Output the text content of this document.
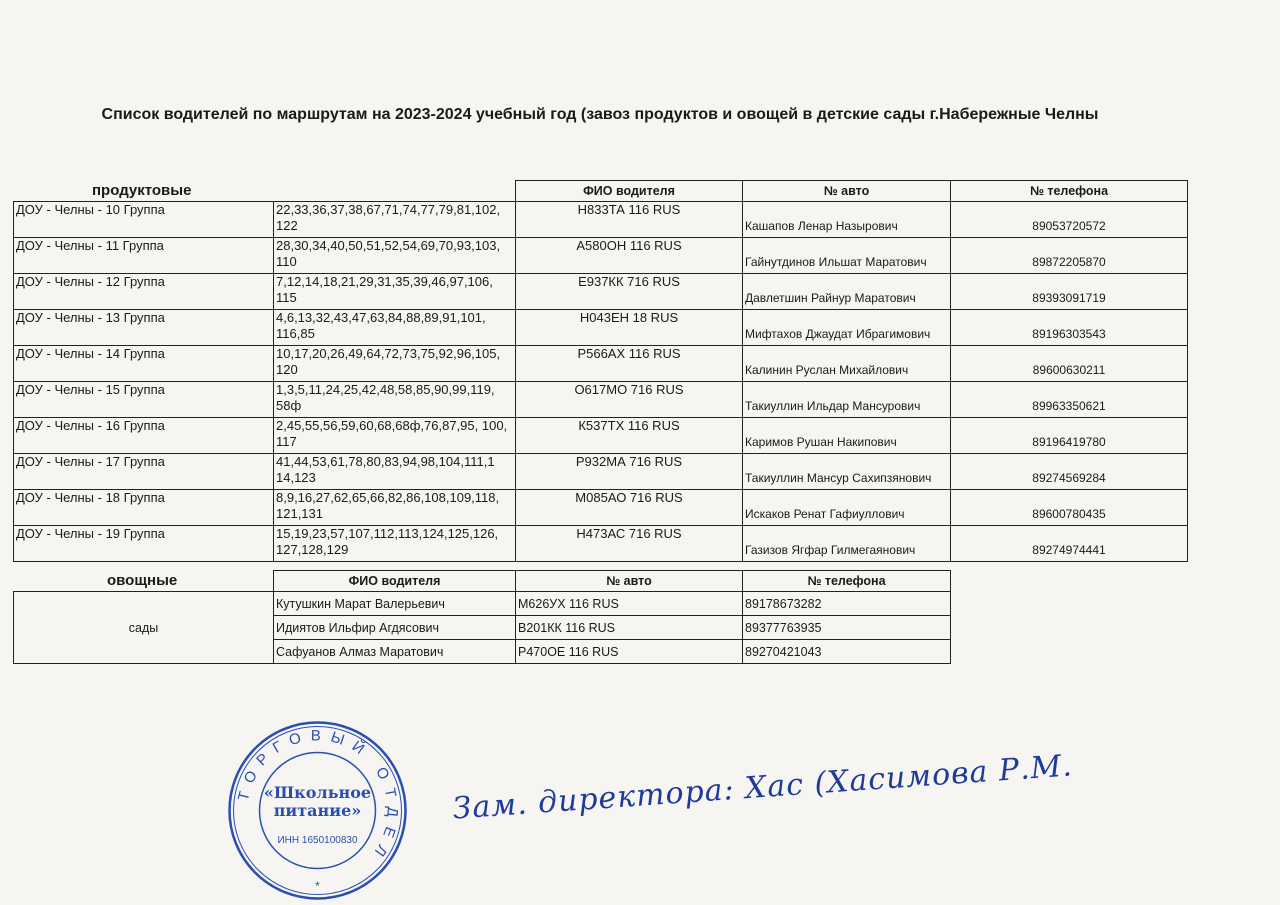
Список водителей по маршрутам на 2023-2024 учебный год (завоз продуктов и овощей в детские сады г.Набережные Челны
продуктовые
			ФИО водителя	№ авто	№ телефона
ДОУ - Челны - 10 Группа	22,33,36,37,38,67,71,74,77,79,81,102, 122	Н833ТА 116 RUS	Кашапов Ленар Назырович	89053720572
ДОУ - Челны - 11 Группа	28,30,34,40,50,51,52,54,69,70,93,103, 110	А580ОН 116 RUS	Гайнутдинов Ильшат Маратович	89872205870
ДОУ - Челны - 12 Группа	7,12,14,18,21,29,31,35,39,46,97,106, 115	Е937КК 716 RUS	Давлетшин Райнур Маратович	89393091719
ДОУ - Челны - 13 Группа	4,6,13,32,43,47,63,84,88,89,91,101, 116,85	Н043ЕН 18 RUS	Мифтахов Джаудат Ибрагимович	89196303543
ДОУ - Челны - 14 Группа	10,17,20,26,49,64,72,73,75,92,96,105, 120	Р566АХ 116 RUS	Калинин Руслан Михайлович	89600630211
ДОУ - Челны - 15 Группа	1,3,5,11,24,25,42,48,58,85,90,99,119, 58ф	О617МО 716 RUS	Такиуллин Ильдар Мансурович	89963350621
ДОУ - Челны - 16 Группа	2,45,55,56,59,60,68,68ф,76,87,95, 100, 117	К537ТХ 116 RUS	Каримов Рушан Накипович	89196419780
ДОУ - Челны - 17 Группа	41,44,53,61,78,80,83,94,98,104,111,1 14,123	Р932МА 716 RUS	Такиуллин Мансур Сахипзянович	89274569284
ДОУ - Челны - 18 Группа	8,9,16,27,62,65,66,82,86,108,109,118, 121,131	М085АО 716 RUS	Искаков Ренат Гафиуллович	89600780435
ДОУ - Челны - 19 Группа	15,19,23,57,107,112,113,124,125,126, 127,128,129	Н473АС 716 RUS	Газизов Ягфар Гилмегаянович	89274974441
овощные
		ФИО водителя	№ авто	№ телефона
сады	Кутушкин Марат Валерьевич	М626УХ 116 RUS	89178673282
	Идиятов Ильфир Агдясович	В201КК 116 RUS	89377763935
	Сафуанов Алмаз Маратович	Р470ОЕ 116 RUS	89270421043
ТОРГОВЫЙ ОТДЕЛ
«Школьное
питание»
ИНН 1650100830
*
Зам. директора: Хас (Хасимова Р.М.
